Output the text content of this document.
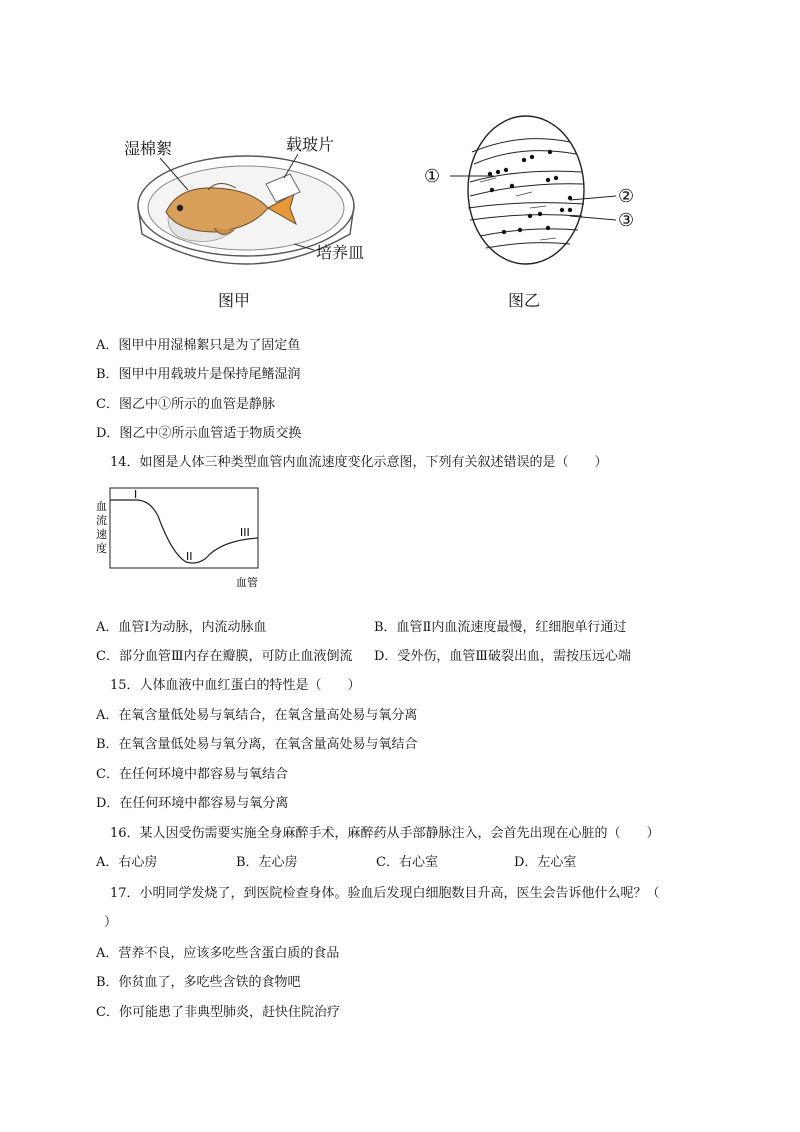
湿棉絮	载玻片
培养皿
图甲
①
②
③
图乙
A．图甲中用湿棉絮只是为了固定鱼
B．图甲中用载玻片是保持尾鳍湿润
C．图乙中①所示的血管是静脉
D．图乙中②所示血管适于物质交换
14．如图是人体三种类型血管内血流速度变化示意图，下列有关叙述错误的是（　　）
血
流
速
度
I
II
III
血管
A．血管Ⅰ为动脉，内流动脉血	B．血管Ⅱ内血流速度最慢，红细胞单行通过
C．部分血管Ⅲ内存在瓣膜，可防止血液倒流 D．受外伤，血管Ⅲ破裂出血，需按压远心端
15．人体血液中血红蛋白的特性是（　　）
A．在氧含量低处易与氧结合，在氧含量高处易与氧分离
B．在氧含量低处易与氧分离，在氧含量高处易与氧结合
C．在任何环境中都容易与氧结合
D．在任何环境中都容易与氧分离
16．某人因受伤需要实施全身麻醉手术，麻醉药从手部静脉注入，会首先出现在心脏的（　　）
A．右心房	B．左心房	C．右心室	D．左心室
17．小明同学发烧了，到医院检查身体。验血后发现白细胞数目升高，医生会告诉他什么呢？（
）
A．营养不良，应该多吃些含蛋白质的食品
B．你贫血了，多吃些含铁的食物吧
C．你可能患了非典型肺炎，赶快住院治疗
